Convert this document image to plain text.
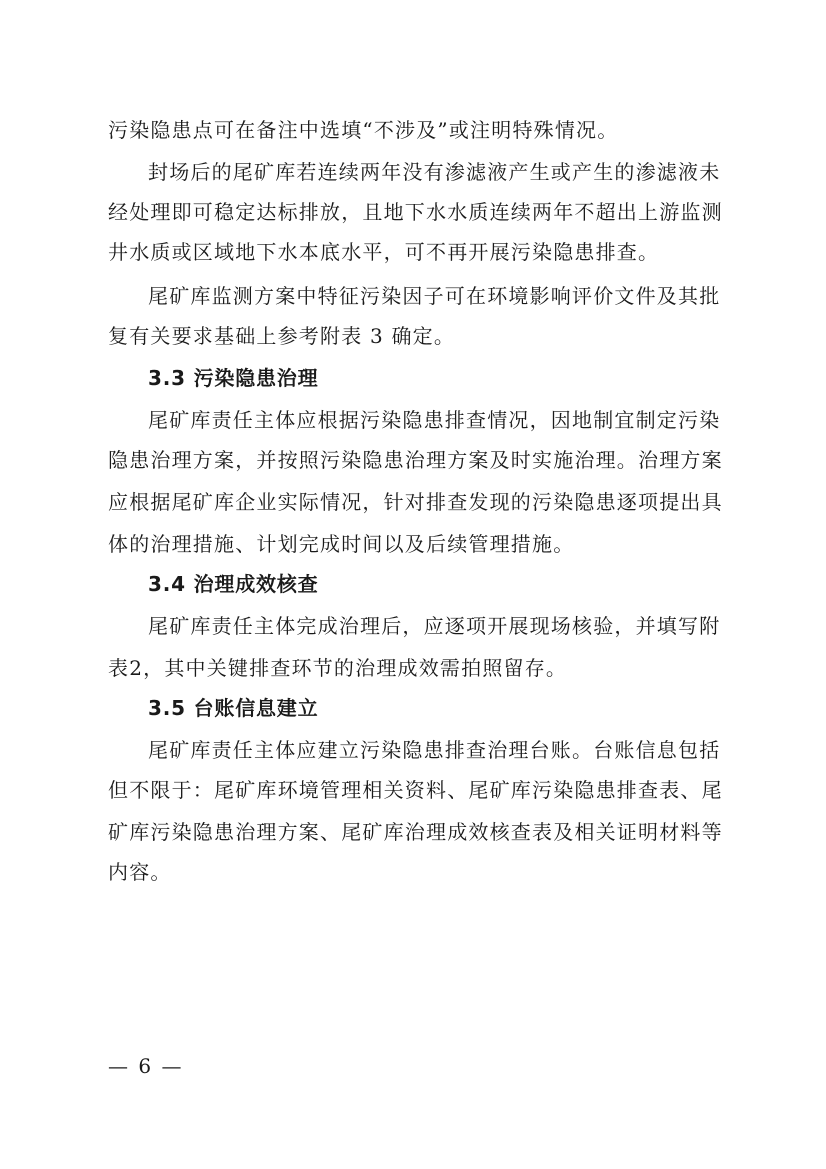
污染隐患点可在备注中选填“不涉及”或注明特殊情况。
封场后的尾矿库若连续两年没有渗滤液产生或产生的渗滤液未
经处理即可稳定达标排放，且地下水水质连续两年不超出上游监测
井水质或区域地下水本底水平，可不再开展污染隐患排查。
尾矿库监测方案中特征污染因子可在环境影响评价文件及其批
复有关要求基础上参考附表 3 确定。
3.3 污染隐患治理
尾矿库责任主体应根据污染隐患排查情况，因地制宜制定污染
隐患治理方案，并按照污染隐患治理方案及时实施治理。治理方案
应根据尾矿库企业实际情况，针对排查发现的污染隐患逐项提出具
体的治理措施、计划完成时间以及后续管理措施。
3.4 治理成效核查
尾矿库责任主体完成治理后，应逐项开展现场核验，并填写附
表2，其中关键排查环节的治理成效需拍照留存。
3.5 台账信息建立
尾矿库责任主体应建立污染隐患排查治理台账。台账信息包括
但不限于：尾矿库环境管理相关资料、尾矿库污染隐患排查表、尾
矿库污染隐患治理方案、尾矿库治理成效核查表及相关证明材料等
内容。
— 6 —
